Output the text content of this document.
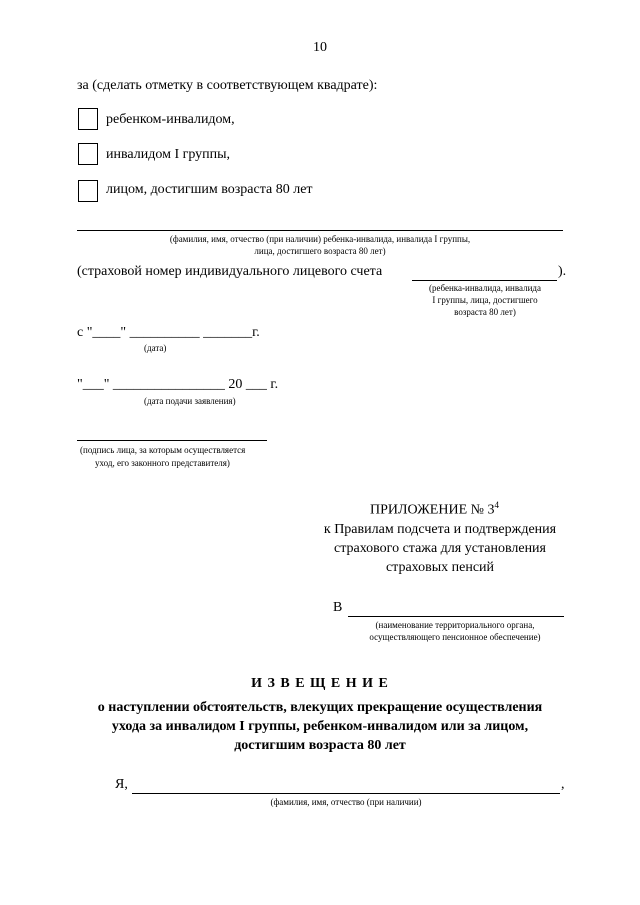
10
за (сделать отметку в соответствующем квадрате):
ребенком-инвалидом,
инвалидом I группы,
лицом, достигшим возраста 80 лет
(фамилия, имя, отчество (при наличии) ребенка-инвалида, инвалида I группы,
лица, достигшего возраста 80 лет)
(страховой номер индивидуального лицевого счета	).
(ребенка-инвалида, инвалида
I группы, лица, достигшего
возраста 80 лет)
с "____" __________ _______г.
(дата)
"___" ________________ 20 ___ г.
(дата подачи заявления)
(подпись лица, за которым осуществляется
уход, его законного представителя)
ПРИЛОЖЕНИЕ № $3^4$
к Правилам подсчета и подтверждения
страхового стажа для установления
страховых пенсий
В
(наименование территориального органа,
осуществляющего пенсионное обеспечение)
И З В Е Щ Е Н И Е
о наступлении обстоятельств, влекущих прекращение осуществления
ухода за инвалидом I группы, ребенком-инвалидом или за лицом,
достигшим возраста 80 лет
Я,	,
(фамилия, имя, отчество (при наличии)
